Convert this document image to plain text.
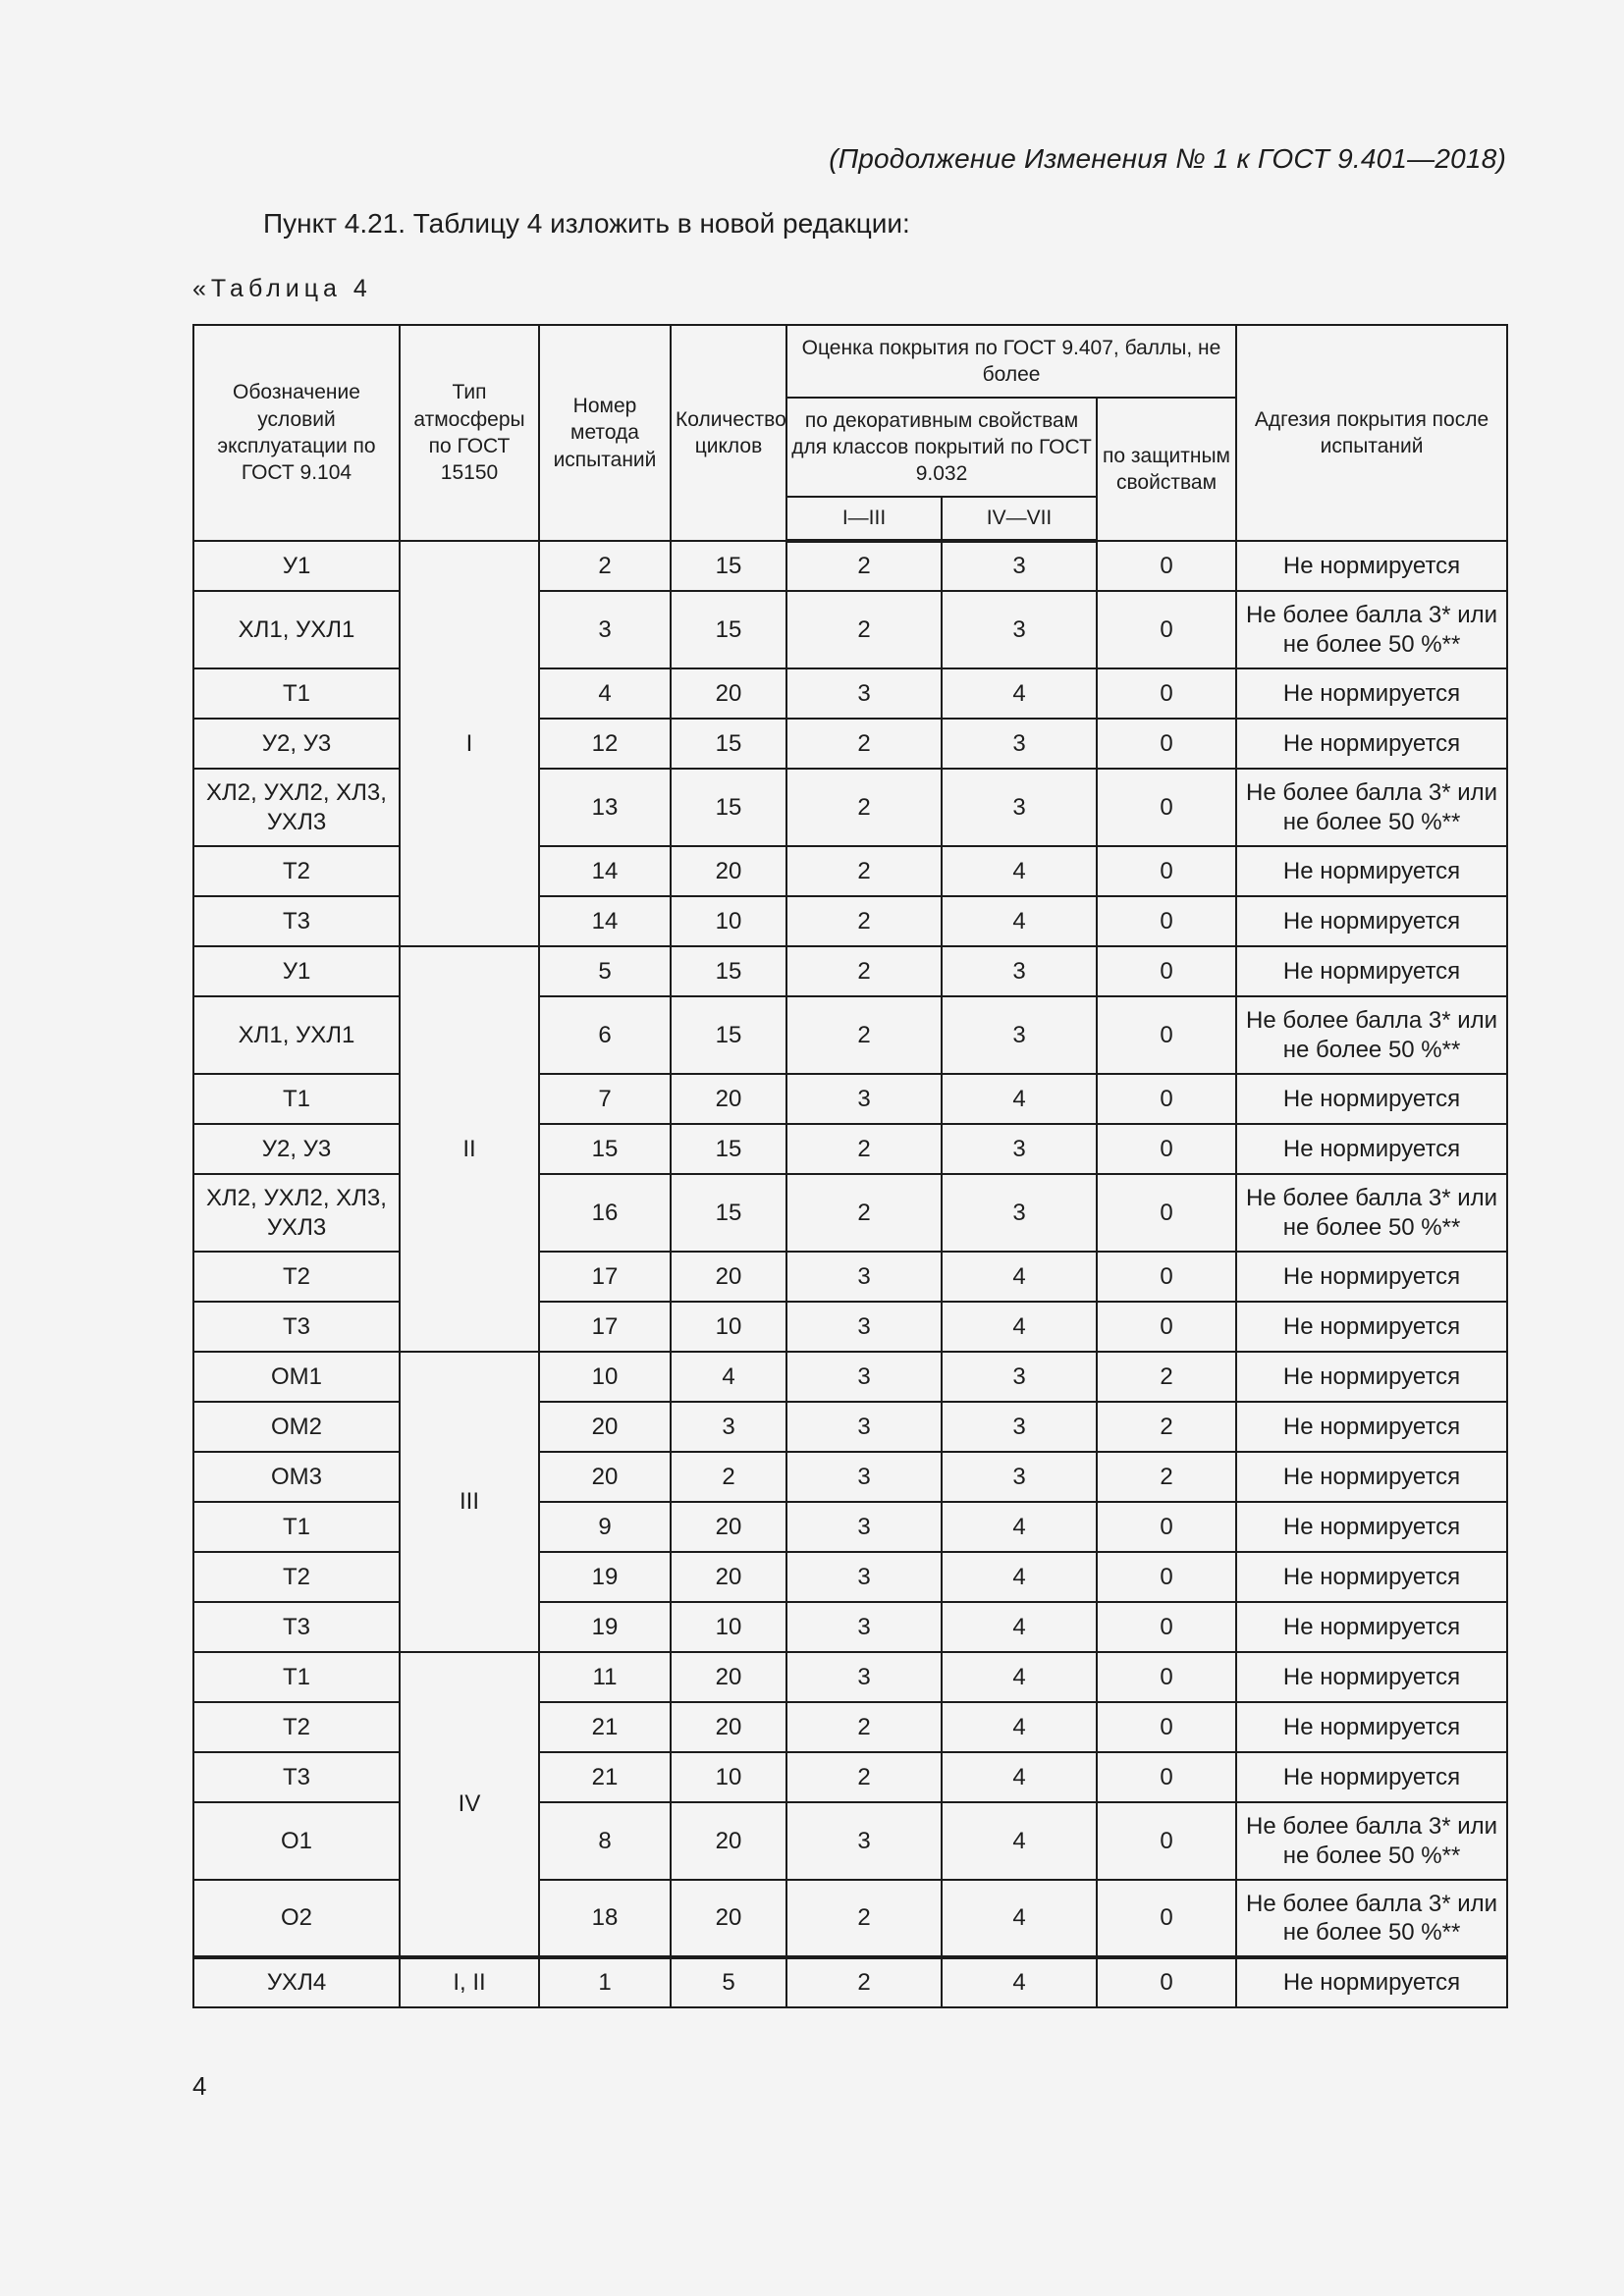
(Продолжение Изменения № 1 к ГОСТ 9.401—2018)
Пункт 4.21. Таблицу 4 изложить в новой редакции:
«Таблица 4
Обозначение условий эксплуатации по ГОСТ 9.104	Тип атмосферы по ГОСТ 15150	Номер метода испытаний	Количество циклов	Оценка покрытия по ГОСТ 9.407, баллы, не более			Адгезия покрытия после испытаний
				по декоративным свойствам для классов покрытий по ГОСТ 9.032		по защитным свойствам	
				I—III	IV—VII		
У1	I	2	15	2	3	0	Не нормируется
ХЛ1, УХЛ1		3	15	2	3	0	Не более балла 3* или не более 50 %**
Т1		4	20	3	4	0	Не нормируется
У2, У3		12	15	2	3	0	Не нормируется
ХЛ2, УХЛ2, ХЛ3, УХЛ3		13	15	2	3	0	Не более балла 3* или не более 50 %**
Т2		14	20	2	4	0	Не нормируется
Т3		14	10	2	4	0	Не нормируется
У1	II	5	15	2	3	0	Не нормируется
ХЛ1, УХЛ1		6	15	2	3	0	Не более балла 3* или не более 50 %**
Т1		7	20	3	4	0	Не нормируется
У2, У3		15	15	2	3	0	Не нормируется
ХЛ2, УХЛ2, ХЛ3, УХЛ3		16	15	2	3	0	Не более балла 3* или не более 50 %**
Т2		17	20	3	4	0	Не нормируется
Т3		17	10	3	4	0	Не нормируется
ОМ1	III	10	4	3	3	2	Не нормируется
ОМ2		20	3	3	3	2	Не нормируется
ОМ3		20	2	3	3	2	Не нормируется
Т1		9	20	3	4	0	Не нормируется
Т2		19	20	3	4	0	Не нормируется
Т3		19	10	3	4	0	Не нормируется
Т1	IV	11	20	3	4	0	Не нормируется
Т2		21	20	2	4	0	Не нормируется
Т3		21	10	2	4	0	Не нормируется
О1		8	20	3	4	0	Не более балла 3* или не более 50 %**
О2		18	20	2	4	0	Не более балла 3* или не более 50 %**
УХЛ4	I, II	1	5	2	4	0	Не нормируется
4
